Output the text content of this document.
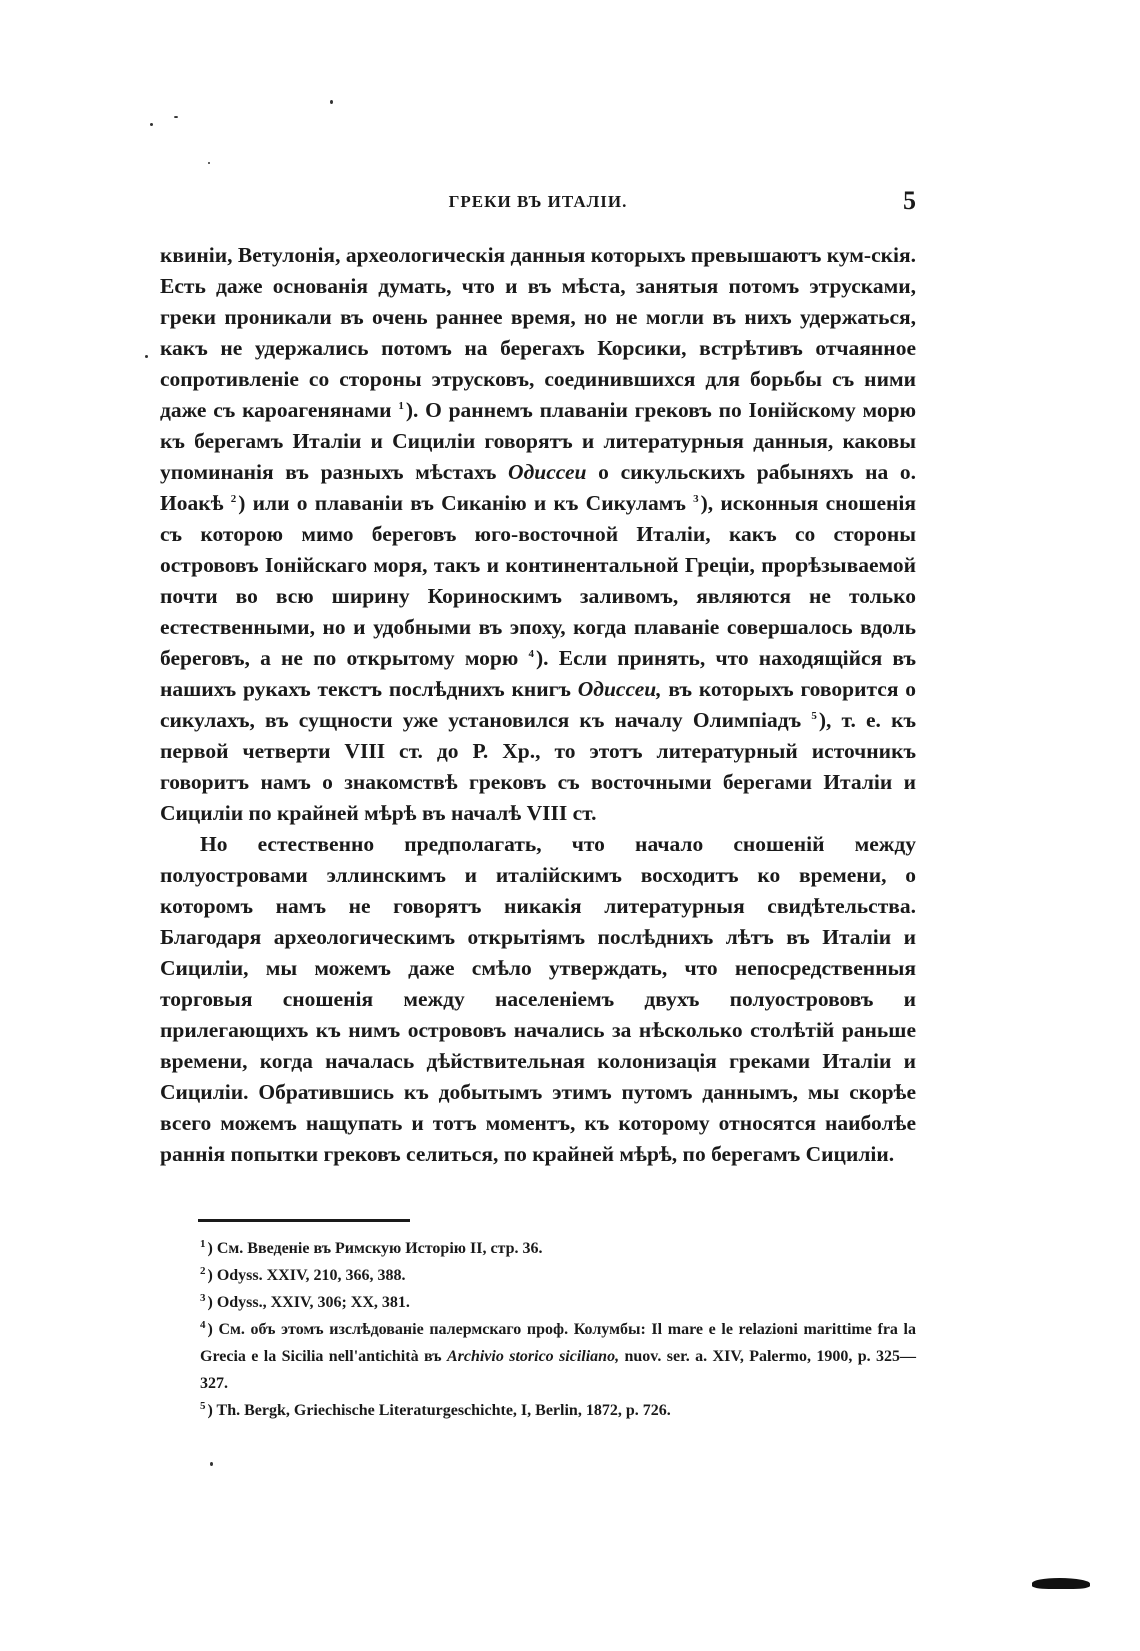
ГРЕКИ ВЪ ИТАЛІИ.	5

квиніи, Ветулонія, археологическія данныя которыхъ превышаютъ кум-скія. Есть даже основанія думать, что и въ мѣста, занятыя потомъ этрусками, греки проникали въ очень раннее время, но не могли въ нихъ удержаться, какъ не удержались потомъ на берегахъ Корсики, встрѣтивъ отчаянное сопротивленіе со стороны этрусковъ, соединившихся для борьбы съ ними даже съ кароагенянами $^1$). О раннемъ плаваніи грековъ по Іонійскому морю къ берегамъ Италіи и Сициліи говорятъ и литературныя данныя, каковы упоминанія въ разныхъ мѣстахъ Одиссеи о сикульскихъ рабыняхъ на о. Иоакѣ $^2$) или о плаваніи въ Сиканію и къ Сикуламъ $^3$), исконныя сношенія съ которою мимо береговъ юго-восточной Италіи, какъ со стороны острововъ Іонійскаго моря, такъ и континентальной Греціи, прорѣзываемой почти во всю ширину Кориноскимъ заливомъ, являются не только естественными, но и удобными въ эпоху, когда плаваніе совершалось вдоль береговъ, а не по открытому морю $^4$). Если принять, что находящійся въ нашихъ рукахъ текстъ послѣднихъ книгъ Одиссеи, въ которыхъ говорится о сикулахъ, въ сущности уже установился къ началу Олимпіадъ $^5$), т. е. къ первой четверти VIII ст. до Р. Хр., то этотъ литературный источникъ говоритъ намъ о знакомствѣ грековъ съ восточными берегами Италіи и Сициліи по крайней мѣрѣ въ началѣ VIII ст.

Но естественно предполагать, что начало сношеній между полуостровами эллинскимъ и италійскимъ восходитъ ко времени, о которомъ намъ не говорятъ никакія литературныя свидѣтельства. Благодаря археологическимъ открытіямъ послѣднихъ лѣтъ въ Италіи и Сициліи, мы можемъ даже смѣло утверждать, что непосредственныя торговыя сношенія между населеніемъ двухъ полуострововъ и прилегающихъ къ нимъ острововъ начались за нѣсколько столѣтій раньше времени, когда началась дѣйствительная колонизація греками Италіи и Сициліи. Обратившись къ добытымъ этимъ путомъ даннымъ, мы скорѣе всего можемъ нащупать и тотъ моментъ, къ которому относятся наиболѣе раннія попытки грековъ селиться, по крайней мѣрѣ, по берегамъ Сициліи.

$^1$ ) См. Введеніе въ Римскую Исторію II, стр. 36.

$^2$ ) Odyss. XXIV, 210, 366, 388.

$^3$ ) Odyss., XXIV, 306; XX, 381.

$^4$ ) См. объ этомъ изслѣдованіе палермскаго проф. Колумбы: Il mare e le relazioni marittime fra la Grecia e la Sicilia nell'antichità въ Archivio storico siciliano, nuov. ser. a. XIV, Palermo, 1900, p. 325—327.

$^5$ ) Th. Bergk, Griechische Literaturgeschichte, I, Berlin, 1872, p. 726.
